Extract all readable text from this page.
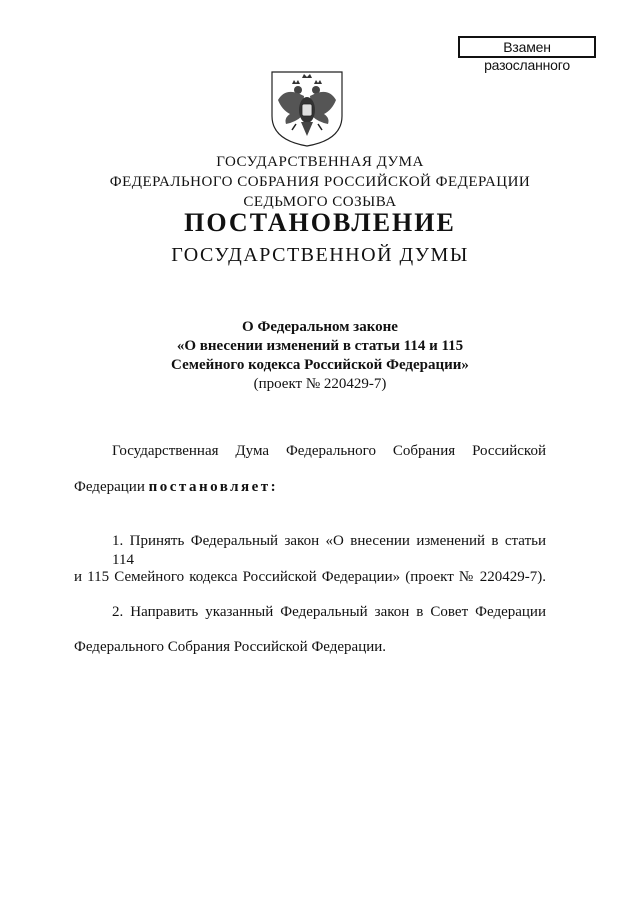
Взамен разосланного
ГОСУДАРСТВЕННАЯ ДУМА
ФЕДЕРАЛЬНОГО СОБРАНИЯ РОССИЙСКОЙ ФЕДЕРАЦИИ
СЕДЬМОГО СОЗЫВА
ПОСТАНОВЛЕНИЕ
ГОСУДАРСТВЕННОЙ ДУМЫ
О Федеральном законе
«О внесении изменений в статьи 114 и 115
Семейного кодекса Российской Федерации»
(проект № 220429-7)
Государственная Дума Федерального Собрания Российской
Федерации постановляет:
1. Принять Федеральный закон «О внесении изменений в статьи 114
и 115 Семейного кодекса Российской Федерации» (проект № 220429-7).
2. Направить указанный Федеральный закон в Совет Федерации
Федерального Собрания Российской Федерации.
